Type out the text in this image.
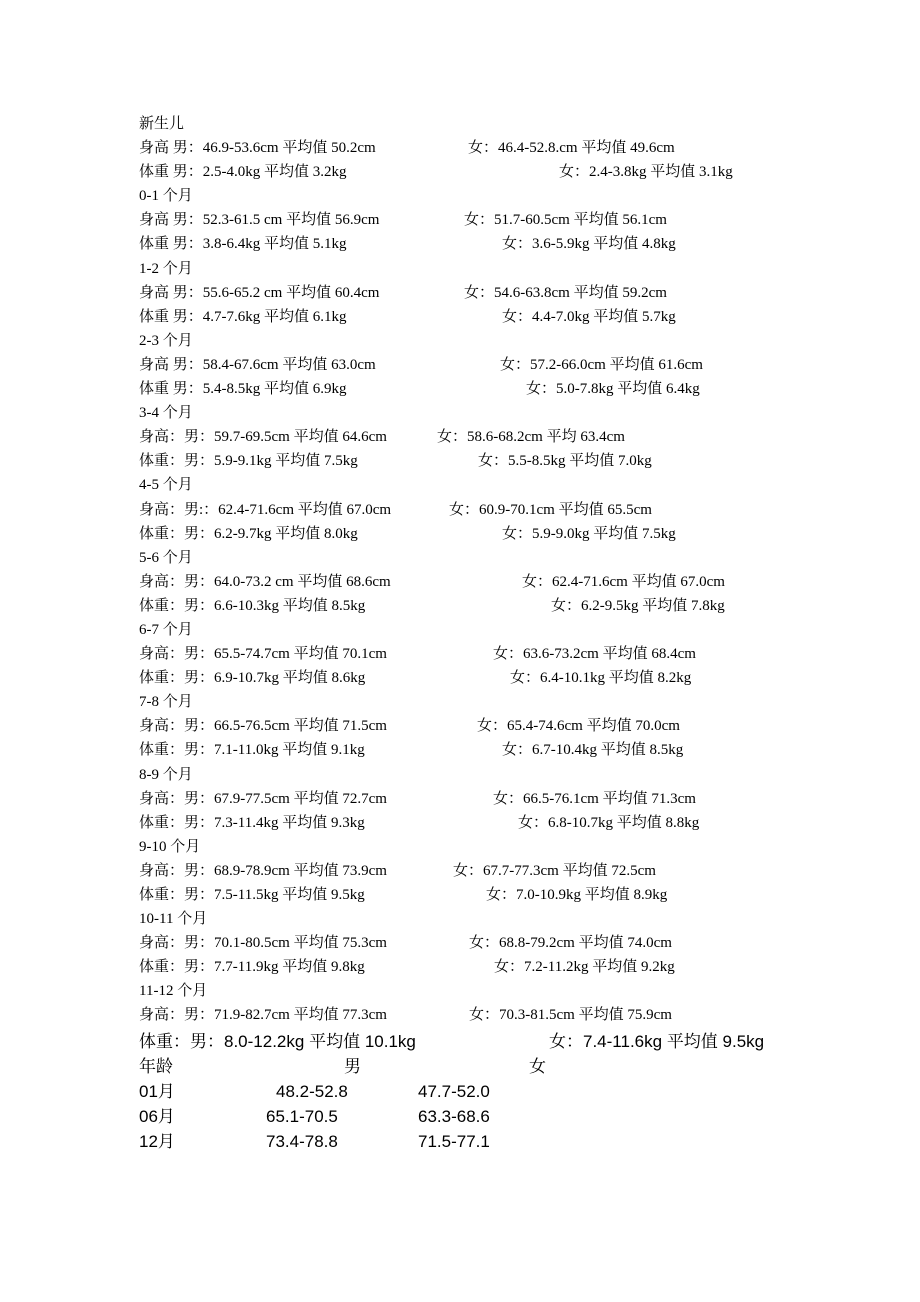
新生儿
身高 男：46.9-53.6cm 平均值 50.2cm	女：46.4-52.8.cm 平均值 49.6cm
体重 男：2.5-4.0kg 平均值 3.2kg	女：2.4-3.8kg 平均值 3.1kg
0-1 个月
身高 男：52.3-61.5 cm 平均值 56.9cm	女：51.7-60.5cm 平均值 56.1cm
体重 男：3.8-6.4kg 平均值 5.1kg	女：3.6-5.9kg 平均值 4.8kg
1-2 个月
身高 男：55.6-65.2 cm 平均值 60.4cm	女：54.6-63.8cm 平均值 59.2cm
体重 男：4.7-7.6kg 平均值 6.1kg	女：4.4-7.0kg 平均值 5.7kg
2-3 个月
身高 男：58.4-67.6cm 平均值 63.0cm	女：57.2-66.0cm 平均值 61.6cm
体重 男：5.4-8.5kg 平均值 6.9kg	女：5.0-7.8kg 平均值 6.4kg
3-4 个月
身高：男：59.7-69.5cm 平均值 64.6cm	女：58.6-68.2cm 平均 63.4cm
体重：男：5.9-9.1kg 平均值 7.5kg	女：5.5-8.5kg 平均值 7.0kg
4-5 个月
身高：男:：62.4-71.6cm 平均值 67.0cm	女：60.9-70.1cm 平均值 65.5cm
体重：男：6.2-9.7kg 平均值 8.0kg	女：5.9-9.0kg 平均值 7.5kg
5-6 个月
身高：男：64.0-73.2 cm 平均值 68.6cm	女：62.4-71.6cm 平均值 67.0cm
体重：男：6.6-10.3kg 平均值 8.5kg	女：6.2-9.5kg 平均值 7.8kg
6-7 个月
身高：男：65.5-74.7cm 平均值 70.1cm	女：63.6-73.2cm 平均值 68.4cm
体重：男：6.9-10.7kg 平均值 8.6kg	女：6.4-10.1kg 平均值 8.2kg
7-8 个月
身高：男：66.5-76.5cm 平均值 71.5cm	女：65.4-74.6cm 平均值 70.0cm
体重：男：7.1-11.0kg 平均值 9.1kg	女：6.7-10.4kg 平均值 8.5kg
8-9 个月
身高：男：67.9-77.5cm 平均值 72.7cm	女：66.5-76.1cm 平均值 71.3cm
体重：男：7.3-11.4kg 平均值 9.3kg	女：6.8-10.7kg 平均值 8.8kg
9-10 个月
身高：男：68.9-78.9cm 平均值 73.9cm	女：67.7-77.3cm 平均值 72.5cm
体重：男：7.5-11.5kg 平均值 9.5kg	女：7.0-10.9kg 平均值 8.9kg
10-11 个月
身高：男：70.1-80.5cm 平均值 75.3cm	女：68.8-79.2cm 平均值 74.0cm
体重：男：7.7-11.9kg 平均值 9.8kg	女：7.2-11.2kg 平均值 9.2kg
11-12 个月
身高：男：71.9-82.7cm 平均值 77.3cm	女：70.3-81.5cm 平均值 75.9cm
体重：男：8.0-12.2kg 平均值 10.1kg	女：7.4-11.6kg 平均值 9.5kg
年龄	男	女
01月	48.2-52.8	47.7-52.0
06月	65.1-70.5	63.3-68.6
12月	73.4-78.8	71.5-77.1
